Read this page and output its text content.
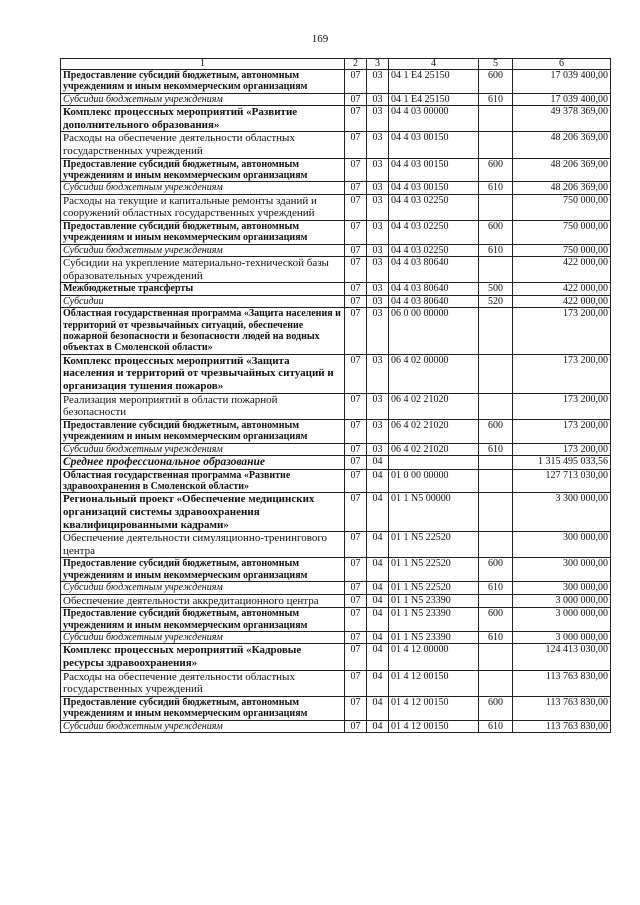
169
1	2	3	4	5	6
Предоставление субсидий бюджетным, автономным учреждениям и иным некоммерческим организациям	07	03	04 1 Е4 25150	600	17 039 400,00
Субсидии бюджетным учреждениям	07	03	04 1 Е4 25150	610	17 039 400,00
Комплекс процессных мероприятий «Развитие дополнительного образования»	07	03	04 4 03 00000		49 378 369,00
Расходы на обеспечение деятельности областных государственных учреждений	07	03	04 4 03 00150		48 206 369,00
Предоставление субсидий бюджетным, автономным учреждениям и иным некоммерческим организациям	07	03	04 4 03 00150	600	48 206 369,00
Субсидии бюджетным учреждениям	07	03	04 4 03 00150	610	48 206 369,00
Расходы на текущие и капитальные ремонты зданий и сооружений областных государственных учреждений	07	03	04 4 03 02250		750 000,00
Предоставление субсидий бюджетным, автономным учреждениям и иным некоммерческим организациям	07	03	04 4 03 02250	600	750 000,00
Субсидии бюджетным учреждениям	07	03	04 4 03 02250	610	750 000,00
Субсидии на укрепление материально-технической базы образовательных учреждений	07	03	04 4 03 80640		422 000,00
Межбюджетные трансферты	07	03	04 4 03 80640	500	422 000,00
Субсидии	07	03	04 4 03 80640	520	422 000,00
Областная государственная программа «Защита населения и территорий от чрезвычайных ситуаций, обеспечение пожарной безопасности и безопасности людей на водных объектах в Смоленской области»	07	03	06 0 00 00000		173 200,00
Комплекс процессных мероприятий «Защита населения и территорий от чрезвычайных ситуаций и организация тушения пожаров»	07	03	06 4 02 00000		173 200,00
Реализация мероприятий в области пожарной безопасности	07	03	06 4 02 21020		173 200,00
Предоставление субсидий бюджетным, автономным учреждениям и иным некоммерческим организациям	07	03	06 4 02 21020	600	173 200,00
Субсидии бюджетным учреждениям	07	03	06 4 02 21020	610	173 200,00
Среднее профессиональное образование	07	04			1 315 495 033,56
Областная государственная программа «Развитие здравоохранения в Смоленской области»	07	04	01 0 00 00000		127 713 030,00
Региональный проект «Обеспечение медицинских организаций системы здравоохранения квалифицированными кадрами»	07	04	01 1 N5 00000		3 300 000,00
Обеспечение деятельности симуляционно-тренингового центра	07	04	01 1 N5 22520		300 000,00
Предоставление субсидий бюджетным, автономным учреждениям и иным некоммерческим организациям	07	04	01 1 N5 22520	600	300 000,00
Субсидии бюджетным учреждениям	07	04	01 1 N5 22520	610	300 000,00
Обеспечение деятельности аккредитационного центра	07	04	01 1 N5 23390		3 000 000,00
Предоставление субсидий бюджетным, автономным учреждениям и иным некоммерческим организациям	07	04	01 1 N5 23390	600	3 000 000,00
Субсидии бюджетным учреждениям	07	04	01 1 N5 23390	610	3 000 000,00
Комплекс процессных мероприятий «Кадровые ресурсы здравоохранения»	07	04	01 4 12 00000		124 413 030,00
Расходы на обеспечение деятельности областных государственных учреждений	07	04	01 4 12 00150		113 763 830,00
Предоставление субсидий бюджетным, автономным учреждениям и иным некоммерческим организациям	07	04	01 4 12 00150	600	113 763 830,00
Субсидии бюджетным учреждениям	07	04	01 4 12 00150	610	113 763 830,00
